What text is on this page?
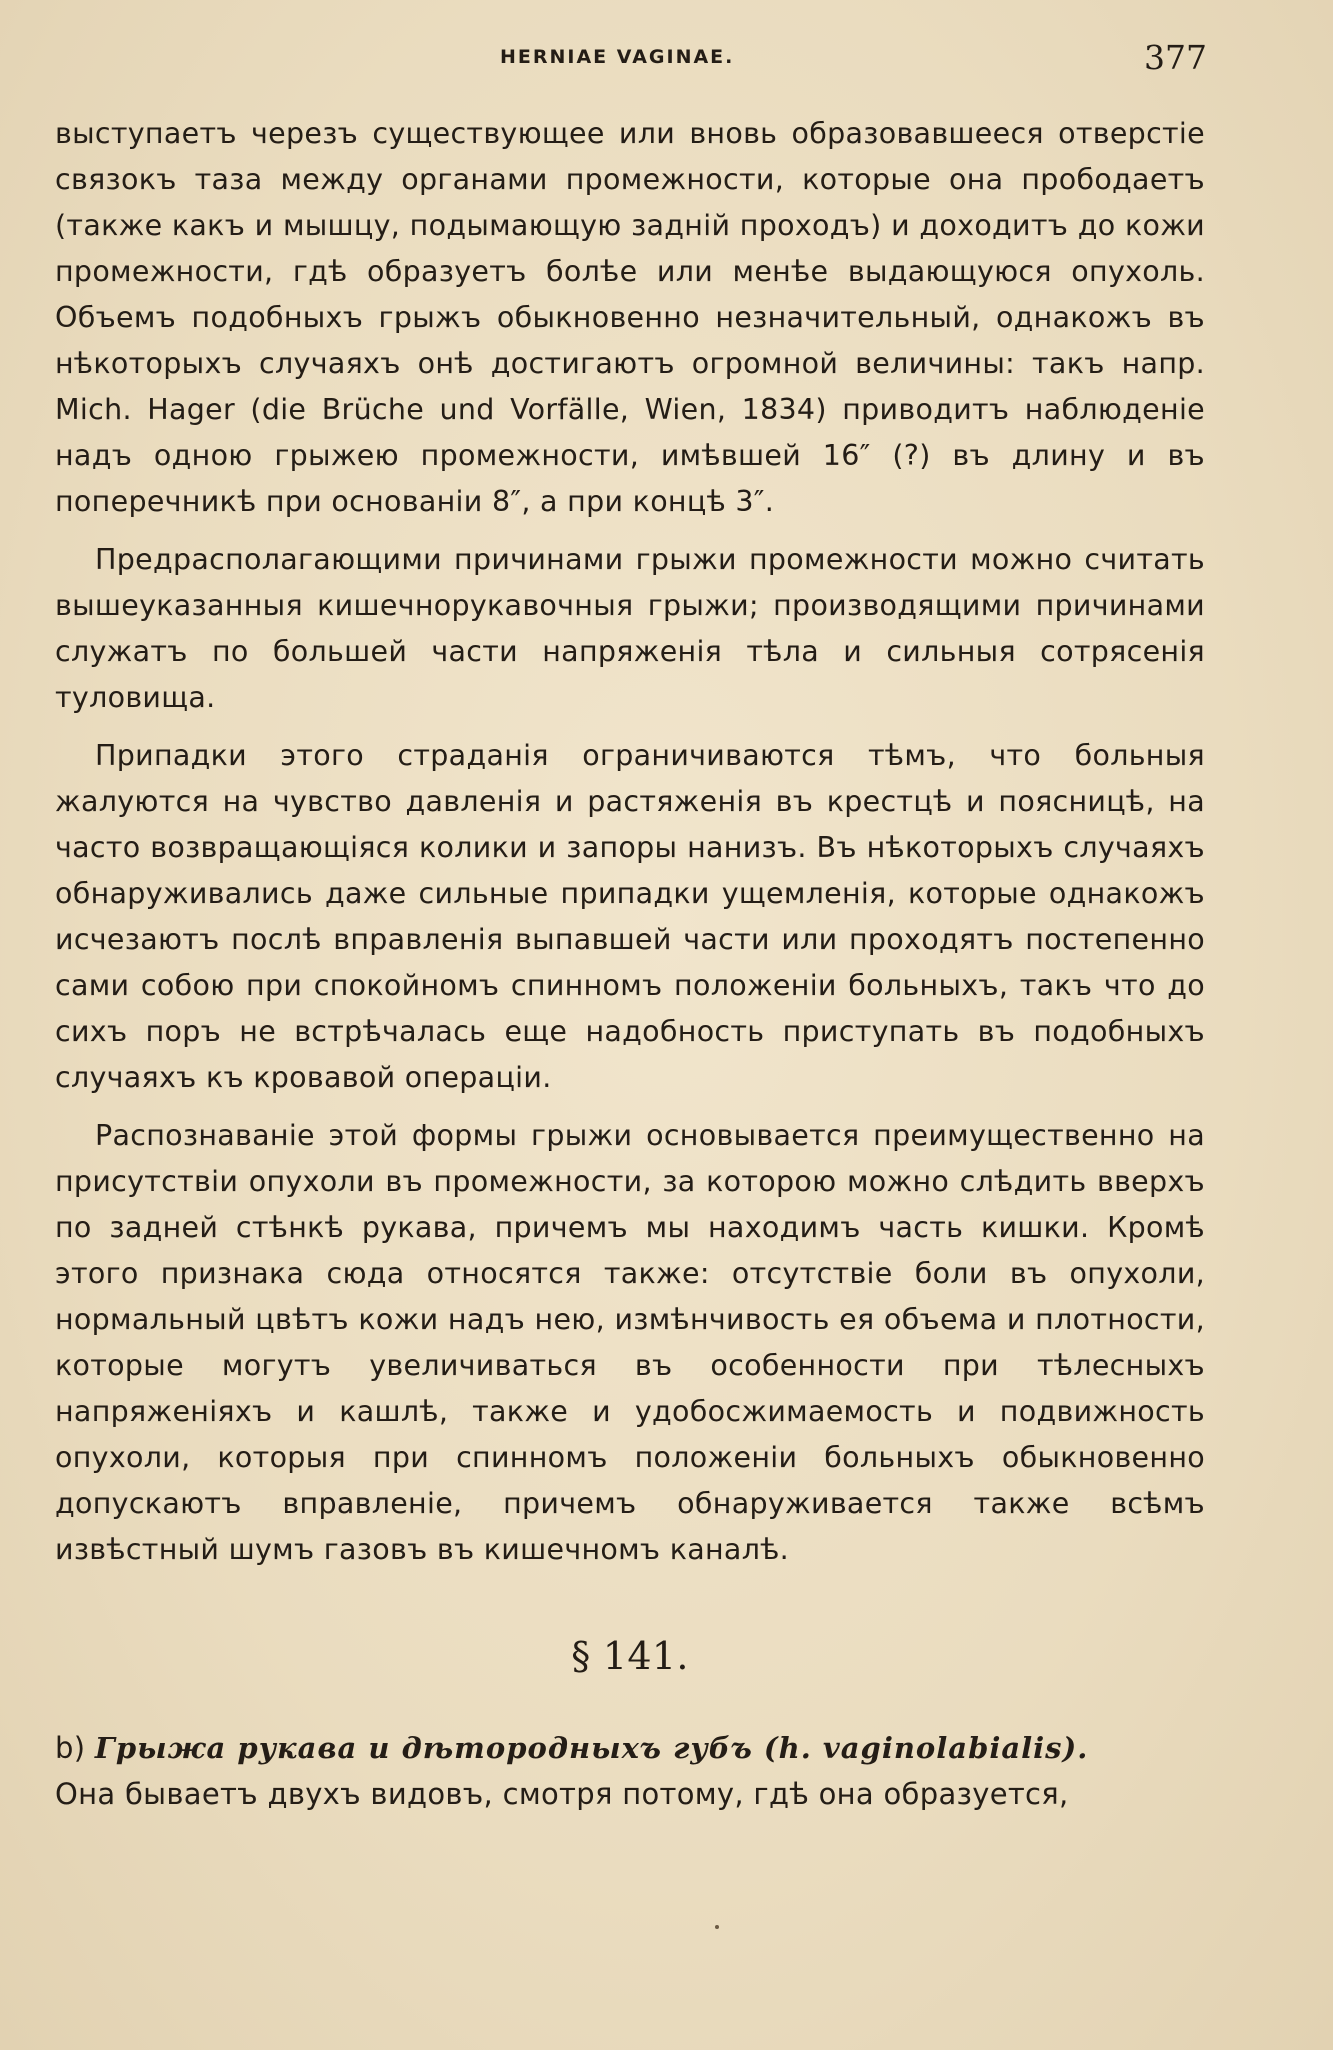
HERNIAE VAGINAE.	377

выступаетъ черезъ существующее или вновь образовавшееся отверстіе связокъ таза между органами промежности, которые она прободаетъ (также какъ и мышцу, подымающую задній проходъ) и доходитъ до кожи промежности, гдѣ образуетъ болѣе или менѣе выдающуюся опухоль. Объемъ подобныхъ грыжъ обыкновенно незначительный, однакожъ въ нѣкоторыхъ случаяхъ онѣ достигаютъ огромной величины: такъ напр. Mich. Hager (die Brüche und Vorfälle, Wien, 1834) приводитъ наблюденіе надъ одною грыжею промежности, имѣвшей 16″ (?) въ длину и въ поперечникѣ при основаніи 8″, а при концѣ 3″.

Предрасполагающими причинами грыжи промежности можно считать вышеуказанныя кишечнорукавочныя грыжи; производящими причинами служатъ по большей части напряженія тѣла и сильныя сотрясенія туловища.

Припадки этого страданія ограничиваются тѣмъ, что больныя жалуются на чувство давленія и растяженія въ крестцѣ и поясницѣ, на часто возвращающіяся колики и запоры нанизъ. Въ нѣкоторыхъ случаяхъ обнаруживались даже сильные припадки ущемленія, которые однакожъ исчезаютъ послѣ вправленія выпавшей части или проходятъ постепенно сами собою при спокойномъ спинномъ положеніи больныхъ, такъ что до сихъ поръ не встрѣчалась еще надобность приступать въ подобныхъ случаяхъ къ кровавой операціи.

Распознаваніе этой формы грыжи основывается преимущественно на присутствіи опухоли въ промежности, за которою можно слѣдить вверхъ по задней стѣнкѣ рукава, причемъ мы находимъ часть кишки. Кромѣ этого признака сюда относятся также: отсутствіе боли въ опухоли, нормальный цвѣтъ кожи надъ нею, измѣнчивость ея объема и плотности, которые могутъ увеличиваться въ особенности при тѣлесныхъ напряженіяхъ и кашлѣ, также и удобосжимаемость и подвижность опухоли, которыя при спинномъ положеніи больныхъ обыкновенно допускаютъ вправленіе, причемъ обнаруживается также всѣмъ извѣстный шумъ газовъ въ кишечномъ каналѣ.

§ 141.

b) Грыжа рукава и дѣтородныхъ губъ (h. vaginolabialis).

Она бываетъ двухъ видовъ, смотря потому, гдѣ она образуется,
